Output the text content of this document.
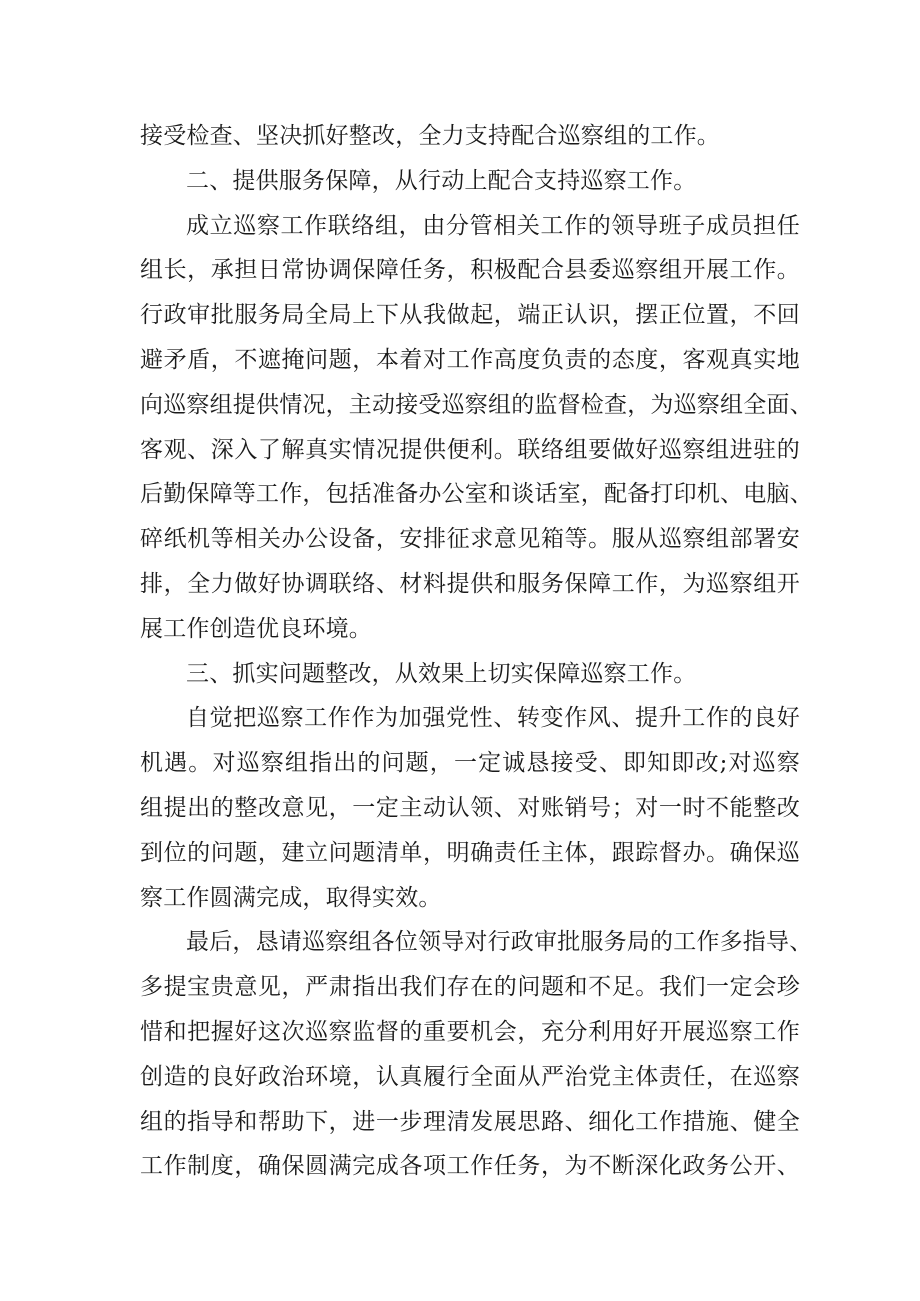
接受检查、坚决抓好整改，全力支持配合巡察组的工作。
二、提供服务保障，从行动上配合支持巡察工作。
成立巡察工作联络组，由分管相关工作的领导班子成员担任
组长，承担日常协调保障任务，积极配合县委巡察组开展工作。
行政审批服务局全局上下从我做起，端正认识，摆正位置，不回
避矛盾，不遮掩问题，本着对工作高度负责的态度，客观真实地
向巡察组提供情况，主动接受巡察组的监督检查，为巡察组全面、
客观、深入了解真实情况提供便利。联络组要做好巡察组进驻的
后勤保障等工作，包括准备办公室和谈话室，配备打印机、电脑、
碎纸机等相关办公设备，安排征求意见箱等。服从巡察组部署安
排，全力做好协调联络、材料提供和服务保障工作，为巡察组开
展工作创造优良环境。
三、抓实问题整改，从效果上切实保障巡察工作。
自觉把巡察工作作为加强党性、转变作风、提升工作的良好
机遇。对巡察组指出的问题，一定诚恳接受、即知即改;对巡察
组提出的整改意见，一定主动认领、对账销号；对一时不能整改
到位的问题，建立问题清单，明确责任主体，跟踪督办。确保巡
察工作圆满完成，取得实效。
最后，恳请巡察组各位领导对行政审批服务局的工作多指导、
多提宝贵意见，严肃指出我们存在的问题和不足。我们一定会珍
惜和把握好这次巡察监督的重要机会，充分利用好开展巡察工作
创造的良好政治环境，认真履行全面从严治党主体责任，在巡察
组的指导和帮助下，进一步理清发展思路、细化工作措施、健全
工作制度，确保圆满完成各项工作任务，为不断深化政务公开、
